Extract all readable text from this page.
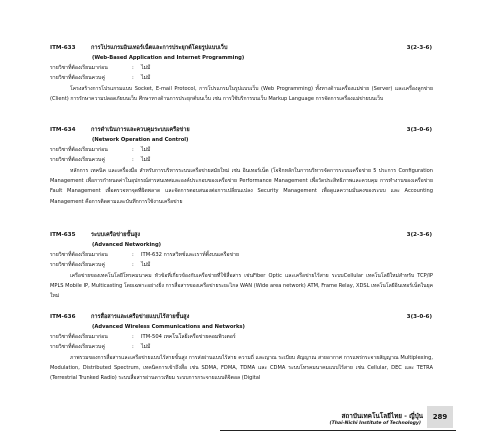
ITM-633	การโปรแกรมอินเทอร์เน็ตและการประยุกต์โดยรูปแบบเว็บ	3(2-3-6)
(Web-Based Application and Internet Programming)
รายวิชาที่ต้องเรียนมาก่อน	: ไม่มี
รายวิชาที่ต้องเรียนควบคู่	: ไม่มี
โครงสร้างการโปรแกรมแบบ Socket, E-mail Protocol, การโปรแกรมในรูปแบบเว็บ (Web Programming) ทั้งทางด้านเครื่องแม่ข่าย (Server) และเครื่องลูกข่าย (Client) การรักษาความปลอดภัยบนเว็บ ศึกษาทางด้านการประยุกต์บนเว็บ เช่น การใช้บริการบนเว็บ Markup Language การจัดการเครื่องแม่ข่ายบนเว็บ
ITM-634	การดำเนินการและควบคุมระบบเครือข่าย	3(3-0-6)
(Network Operation and Control)
รายวิชาที่ต้องเรียนมาก่อน	: ไม่มี
รายวิชาที่ต้องเรียนควบคู่	: ไม่มี
หลักการ เทคนิค และเครื่องมือ สำหรับการบริหารระบบเครือข่ายสมัยใหม่ เช่น อินเทอร์เน็ต (โจจิกหลักในการบริหารจัดการระบบเครือข่าย 5 ประการ Configuration Management เพื่อการกำหนดค่าในอุปกรณ์สารสนเทศและองค์ประกอบของเครือข่าย Performance Management เพื่อวัดประสิทธิภาพและควบคุม การทำงานของเครือข่าย Fault Management เพื่อตรวจหาจุดที่ผิดพลาด และจัดการตอบสนองต่อการเปลี่ยนแปลง Security Management เพื่อดูแลความมั่นคงของระบบ และ Accounting Management คือการติดตามและบันทึกการใช้งานเครือข่าย
ITM-635	ระบบเครือข่ายขั้นสูง	3(2-3-6)
(Advanced Networking)
รายวิชาที่ต้องเรียนมาก่อน	: ITM-632 การสวิทช์และเราท์ติ้งบนเครือข่าย
รายวิชาที่ต้องเรียนควบคู่	: ไม่มี
เครือข่ายของเทคโนโลยีโทรคมนาคม หัวข้อที่เกี่ยวข้องกับเครือข่ายที่ใช้สื่อสาร เช่นFiber Optic และเครือข่ายไร้สาย ระบบCellular เทคโนโลยีใหม่สำหรับ TCP/IP MPLS Mobile IP, Multicasting โดยเฉพาะอย่างยิ่ง การสื่อสารของเครือข่ายระยะไกล WAN (Wide area network) ATM, Frame Relay, XDSL เทคโนโลยีอินเทอร์เน็ตในยุคใหม่
ITM-636	การสื่อสารและเครือข่ายแบบไร้สายขั้นสูง	3(3-0-6)
(Advanced Wireless Communications and Networks)
รายวิชาที่ต้องเรียนมาก่อน	: ITM-504 เทคโนโลยีเครือข่ายคอมพิวเตอร์
รายวิชาที่ต้องเรียนควบคู่	: ไม่มี
ภาพรวมของการสื่อสารและเครือข่ายแบบไร้สายขั้นสูง การส่งผ่านแบบไร้สาย ความถี่ และญาณ ระเบียบ สัญญาณ สายอากาศ การแพร่กระจายสัญญาณ Multiplexing, Modulation, Distributed Spectrum, เทคนิคการเข้าถึงสื่อ เช่น SDMA, FDMA, TDMA และ CDMA ระบบโทรคมนาคมแบบไร้สาย เช่น Cellular, DEC และ TETRA (Terrestrial Trunked Radio) ระบบสื่อสารผ่านดาวเทียม ระบบการกระจายแบบดิจิตอล (Digital
สถาบันเทคโนโลยีไทย - ญี่ปุ่น
(Thai-Nichi Institute of Technology)
289
